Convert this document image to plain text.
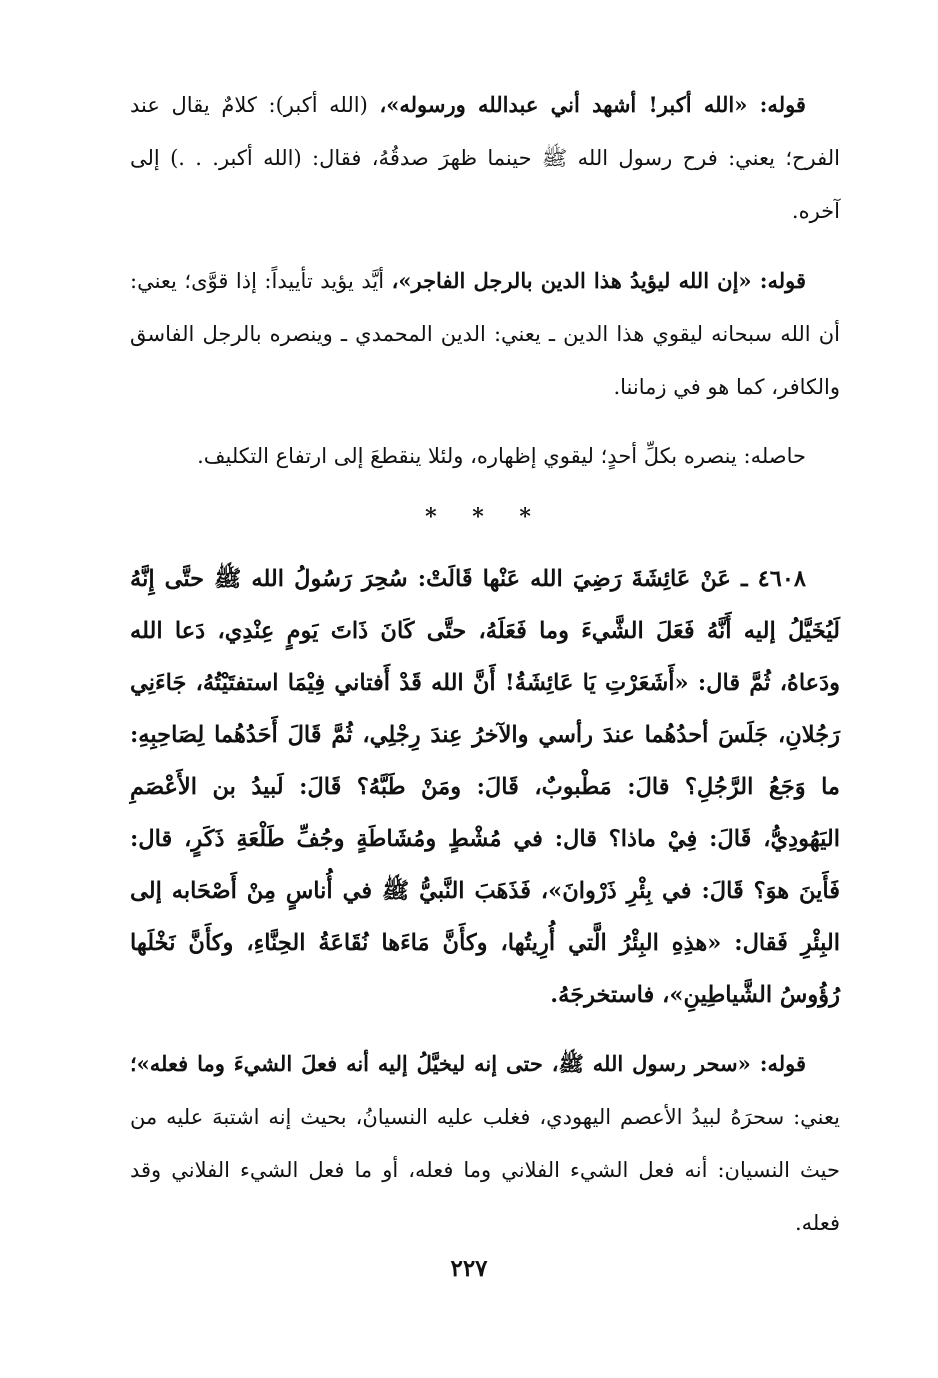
قوله: «الله أكبر! أشهد أني عبدالله ورسوله»، (الله أكبر): كلامٌ يقال عند الفرح؛ يعني: فرح رسول الله ﷺ حينما ظهرَ صدقُهُ، فقال: (الله أكبر. . .) إلى آخره.

قوله: «إن الله ليؤيدُ هذا الدين بالرجل الفاجر»، أيَّد يؤيد تأييداً: إذا قوَّى؛ يعني: أن الله سبحانه ليقوي هذا الدين ـ يعني: الدين المحمدي ـ وينصره بالرجل الفاسق والكافر، كما هو في زماننا.

حاصله: ينصره بكلِّ أحدٍ؛ ليقوي إظهاره، ولئلا ينقطعَ إلى ارتفاع التكليف.

* * *

٤٦٠٨ ـ عَنْ عَائِشَةَ رَضِيَ الله عَنْها قَالَتْ: سُحِرَ رَسُولُ الله ﷺ حتَّى إِنَّهُ لَيُخَيَّلُ إليه أَنَّهُ فَعَلَ الشَّيءَ وما فَعَلَهُ، حتَّى كَانَ ذَاتَ يَومٍ عِنْدِي، دَعا الله ودَعاهُ، ثُمَّ قال: «أَشَعَرْتِ يَا عَائِشَةُ! أَنَّ الله قَدْ أَفتاني فِيْمَا استفتَيْتُهُ، جَاءَنِي رَجُلانِ، جَلَسَ أحدُهُما عندَ رأسي والآخرُ عِندَ رِجْلِي، ثُمَّ قَالَ أَحَدُهُما لِصَاحِبِهِ: ما وَجَعُ الرَّجُلِ؟ قالَ: مَطْبوبٌ، قَالَ: ومَنْ طَبَّهُ؟ قَالَ: لَبيدُ بن الأَعْصَمِ اليَهُودِيُّ، قَالَ: فِيْ ماذا؟ قال: في مُشْطٍ ومُشَاطَةٍ وجُفِّ طَلْعَةِ ذَكَرٍ، قال: فَأَينَ هوَ؟ قَالَ: في بِئْرِ ذَرْوانَ»، فَذَهَبَ النَّبيُّ ﷺ في أُناسٍ مِنْ أَصْحَابه إلى البِئْرِ فَقال: «هذِهِ البِئْرُ الَّتي أُرِيتُها، وكأَنَّ مَاءَها نُقَاعَةُ الحِنَّاءِ، وكأَنَّ نَخْلَها رُؤُوسُ الشَّياطِينِ»، فاستخرجَهُ.

قوله: «سحر رسول الله ﷺ، حتى إنه ليخيَّلُ إليه أنه فعلَ الشيءَ وما فعله»؛ يعني: سحرَهُ لبيدُ الأعصم اليهودي، فغلب عليه النسيانُ، بحيث إنه اشتبهَ عليه من حيث النسيان: أنه فعل الشيء الفلاني وما فعله، أو ما فعل الشيء الفلاني وقد فعله.

٢٢٧
